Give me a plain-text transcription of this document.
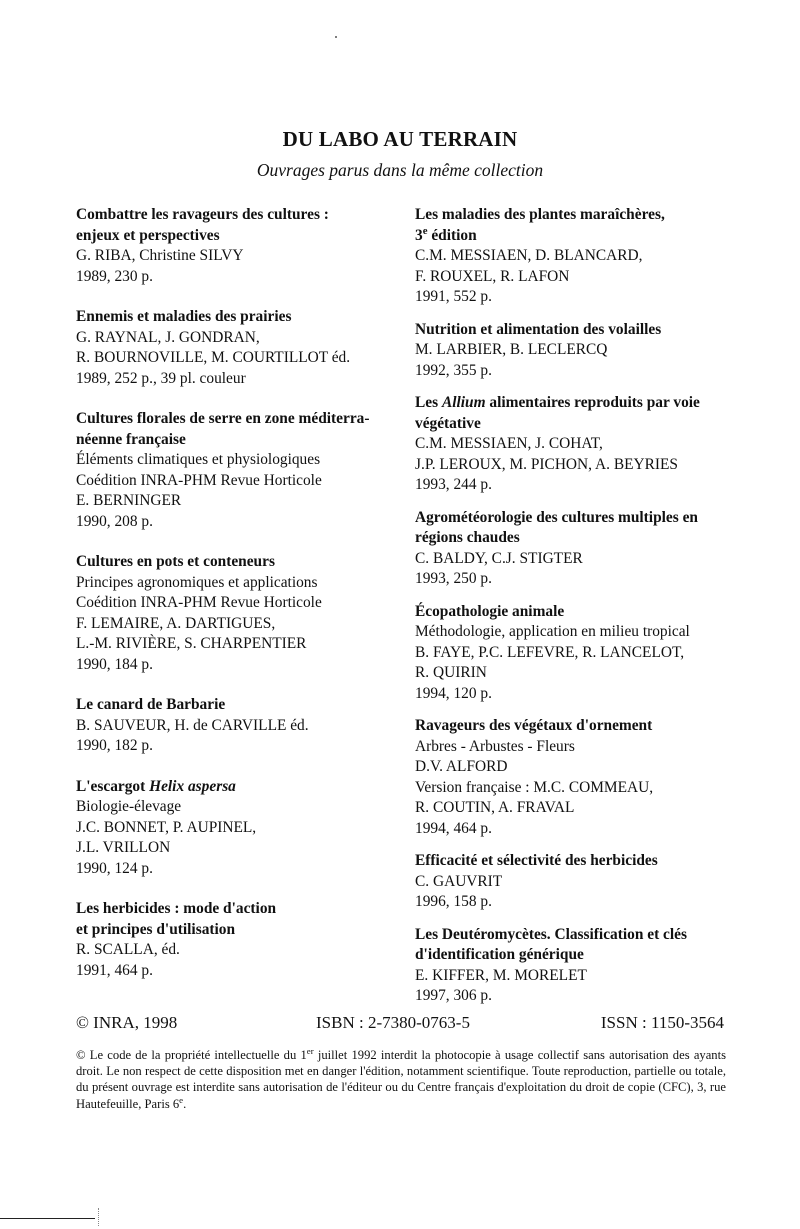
DU LABO AU TERRAIN
Ouvrages parus dans la même collection
Combattre les ravageurs des cultures :
enjeux et perspectives
G. RIBA, Christine SILVY
1989, 230 p.
Ennemis et maladies des prairies
G. RAYNAL, J. GONDRAN,
R. BOURNOVILLE, M. COURTILLOT éd.
1989, 252 p., 39 pl. couleur
Cultures florales de serre en zone méditerra-
néenne française
Éléments climatiques et physiologiques
Coédition INRA-PHM Revue Horticole
E. BERNINGER
1990, 208 p.
Cultures en pots et conteneurs
Principes agronomiques et applications
Coédition INRA-PHM Revue Horticole
F. LEMAIRE, A. DARTIGUES,
L.-M. RIVIÈRE, S. CHARPENTIER
1990, 184 p.
Le canard de Barbarie
B. SAUVEUR, H. de CARVILLE éd.
1990, 182 p.
L'escargot Helix aspersa
Biologie-élevage
J.C. BONNET, P. AUPINEL,
J.L. VRILLON
1990, 124 p.
Les herbicides : mode d'action
et principes d'utilisation
R. SCALLA, éd.
1991, 464 p.
Les maladies des plantes maraîchères,
3e édition
C.M. MESSIAEN, D. BLANCARD,
F. ROUXEL, R. LAFON
1991, 552 p.
Nutrition et alimentation des volailles
M. LARBIER, B. LECLERCQ
1992, 355 p.
Les Allium alimentaires reproduits par voie
végétative
C.M. MESSIAEN, J. COHAT,
J.P. LEROUX, M. PICHON, A. BEYRIES
1993, 244 p.
Agrométéorologie des cultures multiples en
régions chaudes
C. BALDY, C.J. STIGTER
1993, 250 p.
Écopathologie animale
Méthodologie, application en milieu tropical
B. FAYE, P.C. LEFEVRE, R. LANCELOT,
R. QUIRIN
1994, 120 p.
Ravageurs des végétaux d'ornement
Arbres - Arbustes - Fleurs
D.V. ALFORD
Version française : M.C. COMMEAU,
R. COUTIN, A. FRAVAL
1994, 464 p.
Efficacité et sélectivité des herbicides
C. GAUVRIT
1996, 158 p.
Les Deutéromycètes. Classification et clés
d'identification générique
E. KIFFER, M. MORELET
1997, 306 p.
© INRA, 1998	ISBN : 2-7380-0763-5	ISSN : 1150-3564
© Le code de la propriété intellectuelle du 1er juillet 1992 interdit la photocopie à usage collectif sans autorisation des ayants droit. Le non respect de cette disposition met en danger l'édition, notamment scientifique. Toute reproduction, partielle ou totale, du présent ouvrage est interdite sans autorisation de l'éditeur ou du Centre français d'exploitation du droit de copie (CFC), 3, rue Hautefeuille, Paris 6e.
